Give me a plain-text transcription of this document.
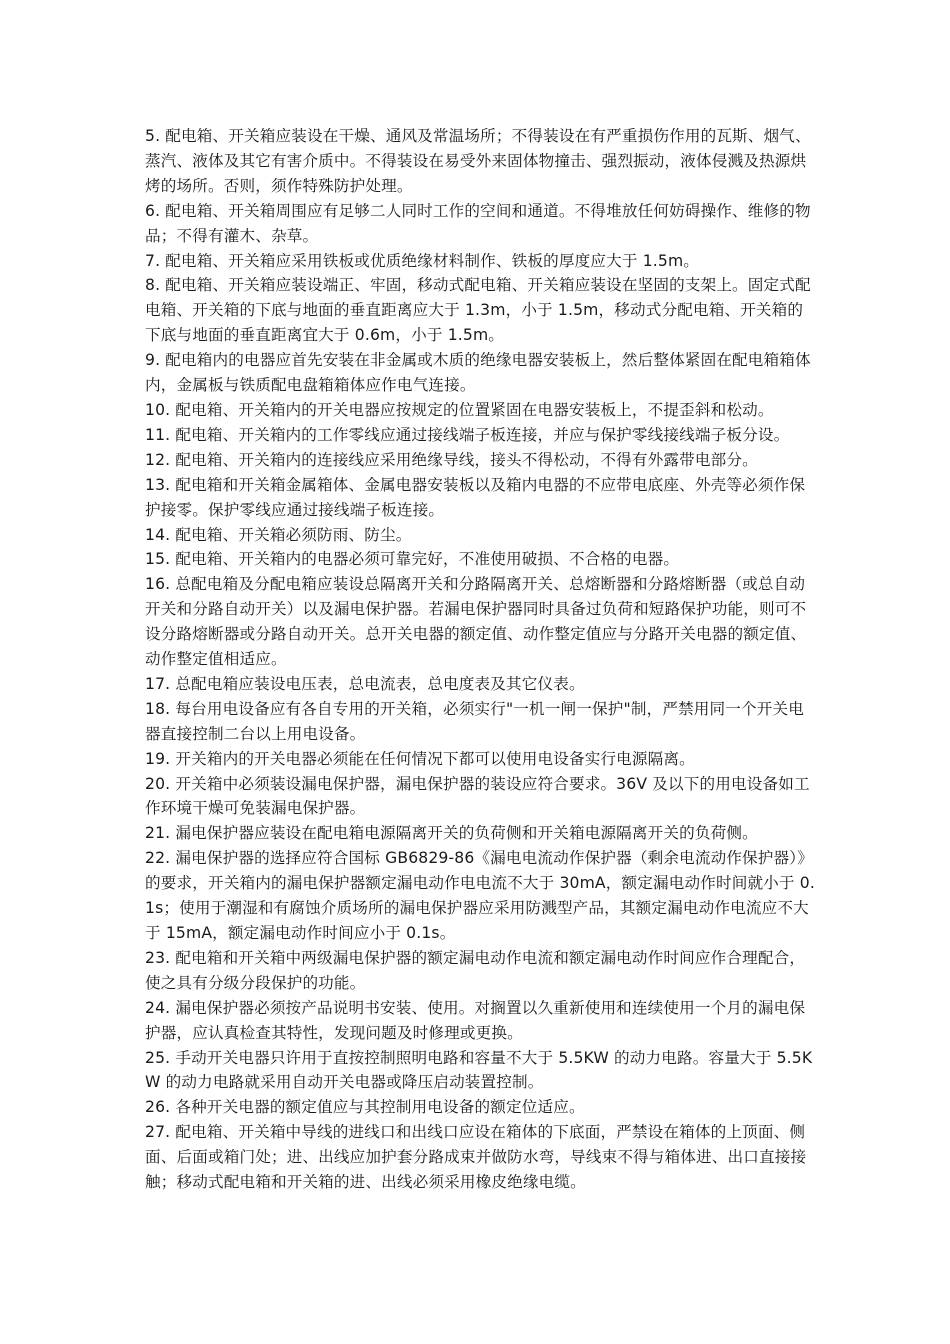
5. 配电箱、开关箱应装设在干燥、通风及常温场所；不得装设在有严重损伤作用的瓦斯、烟气、蒸汽、液体及其它有害介质中。不得装设在易受外来固体物撞击、强烈振动，液体侵溅及热源烘烤的场所。否则，须作特殊防护处理。

6. 配电箱、开关箱周围应有足够二人同时工作的空间和通道。不得堆放任何妨碍操作、维修的物品；不得有灌木、杂草。

7. 配电箱、开关箱应采用铁板或优质绝缘材料制作、铁板的厚度应大于 1.5m。

8. 配电箱、开关箱应装设端正、牢固，移动式配电箱、开关箱应装设在坚固的支架上。固定式配电箱、开关箱的下底与地面的垂直距离应大于 1.3m，小于 1.5m，移动式分配电箱、开关箱的下底与地面的垂直距离宜大于 0.6m，小于 1.5m。

9. 配电箱内的电器应首先安装在非金属或木质的绝缘电器安装板上，然后整体紧固在配电箱箱体内，金属板与铁质配电盘箱箱体应作电气连接。

10. 配电箱、开关箱内的开关电器应按规定的位置紧固在电器安装板上，不提歪斜和松动。

11. 配电箱、开关箱内的工作零线应通过接线端子板连接，并应与保护零线接线端子板分设。

12. 配电箱、开关箱内的连接线应采用绝缘导线，接头不得松动，不得有外露带电部分。

13. 配电箱和开关箱金属箱体、金属电器安装板以及箱内电器的不应带电底座、外壳等必须作保护接零。保护零线应通过接线端子板连接。

14. 配电箱、开关箱必须防雨、防尘。

15. 配电箱、开关箱内的电器必须可靠完好，不准使用破损、不合格的电器。

16. 总配电箱及分配电箱应装设总隔离开关和分路隔离开关、总熔断器和分路熔断器（或总自动开关和分路自动开关）以及漏电保护器。若漏电保护器同时具备过负荷和短路保护功能，则可不设分路熔断器或分路自动开关。总开关电器的额定值、动作整定值应与分路开关电器的额定值、动作整定值相适应。

17. 总配电箱应装设电压表，总电流表，总电度表及其它仪表。

18. 每台用电设备应有各自专用的开关箱，必须实行"一机一闸一保护"制，严禁用同一个开关电器直接控制二台以上用电设备。

19. 开关箱内的开关电器必须能在任何情况下都可以使用电设备实行电源隔离。

20. 开关箱中必须装设漏电保护器，漏电保护器的装设应符合要求。36V 及以下的用电设备如工作环境干燥可免装漏电保护器。

21. 漏电保护器应装设在配电箱电源隔离开关的负荷侧和开关箱电源隔离开关的负荷侧。

22. 漏电保护器的选择应符合国标 GB6829-86《漏电电流动作保护器（剩余电流动作保护器）》的要求，开关箱内的漏电保护器额定漏电动作电电流不大于 30mA，额定漏电动作时间就小于 0.1s；使用于潮湿和有腐蚀介质场所的漏电保护器应采用防溅型产品，其额定漏电动作电流应不大于 15mA，额定漏电动作时间应小于 0.1s。

23. 配电箱和开关箱中两级漏电保护器的额定漏电动作电流和额定漏电动作时间应作合理配合，使之具有分级分段保护的功能。

24. 漏电保护器必须按产品说明书安装、使用。对搁置以久重新使用和连续使用一个月的漏电保护器，应认真检查其特性，发现问题及时修理或更换。

25. 手动开关电器只许用于直按控制照明电路和容量不大于 5.5KW 的动力电路。容量大于 5.5KW 的动力电路就采用自动开关电器或降压启动装置控制。

26. 各种开关电器的额定值应与其控制用电设备的额定位适应。

27. 配电箱、开关箱中导线的进线口和出线口应设在箱体的下底面，严禁设在箱体的上顶面、侧面、后面或箱门处；进、出线应加护套分路成束并做防水弯，导线束不得与箱体进、出口直接接触；移动式配电箱和开关箱的进、出线必须采用橡皮绝缘电缆。
